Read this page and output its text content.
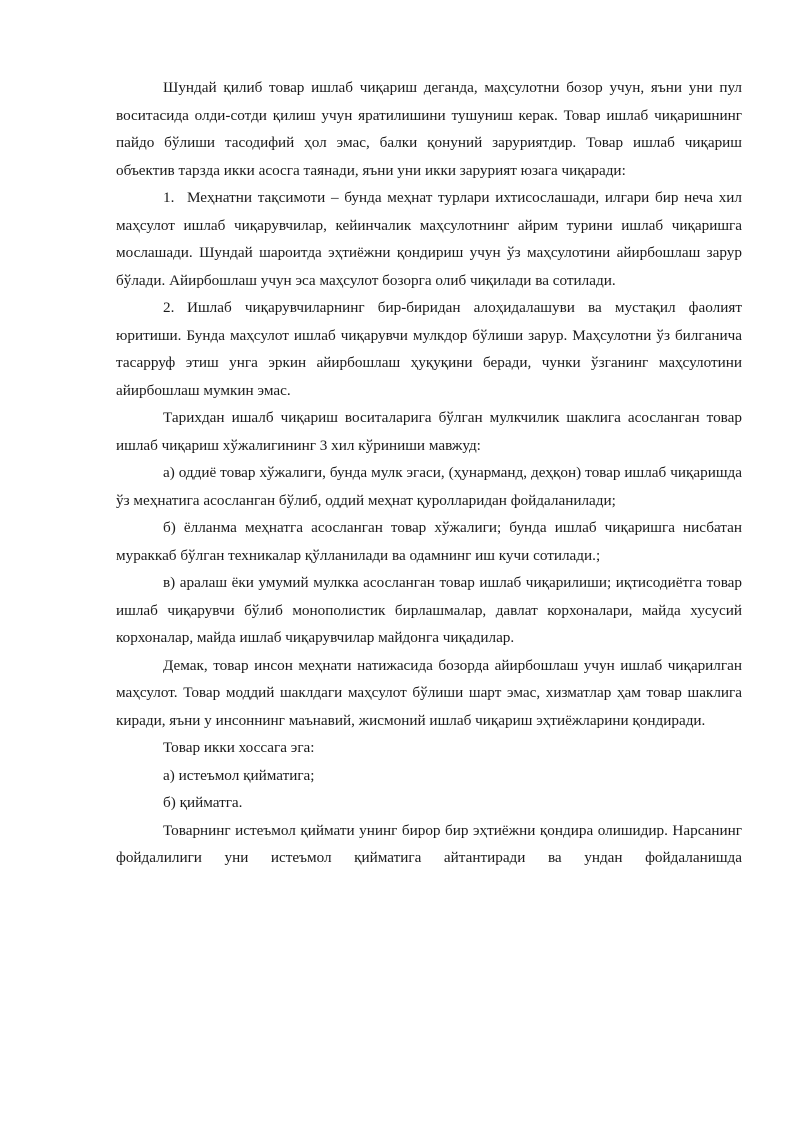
Шундай қилиб товар ишлаб чиқариш деганда, маҳсулотни бозор учун, яъни уни пул воситасида олди-сотди қилиш учун яратилишини тушуниш керак. Товар ишлаб чиқаришнинг пайдо бўлиши тасодифий ҳол эмас, балки қонуний заруриятдир. Товар ишлаб чиқариш объектив тарзда икки асосга таянади, яъни уни икки зарурият юзага чиқаради:

1. Меҳнатни тақсимоти – бунда меҳнат турлари ихтисослашади, илгари бир неча хил маҳсулот ишлаб чиқарувчилар, кейинчалик маҳсулотнинг айрим турини ишлаб чиқаришга мослашади. Шундай шароитда эҳтиёжни қондириш учун ўз маҳсулотини айирбошлаш зарур бўлади. Айирбошлаш учун эса маҳсулот бозорга олиб чиқилади ва сотилади.

2. Ишлаб чиқарувчиларнинг бир-биридан алоҳидалашуви ва мустақил фаолият юритиши. Бунда маҳсулот ишлаб чиқарувчи мулкдор бўлиши зарур. Маҳсулотни ўз билганича тасарруф этиш унга эркин айирбошлаш ҳуқуқини беради, чунки ўзганинг маҳсулотини айирбошлаш мумкин эмас.

Тарихдан ишалб чиқариш воситаларига бўлган мулкчилик шаклига асосланган товар ишлаб чиқариш хўжалигининг 3 хил кўриниши мавжуд:

а) оддиё товар хўжалиги, бунда мулк эгаси, (ҳунарманд, деҳқон) товар ишлаб чиқаришда ўз меҳнатига асосланган бўлиб, оддий меҳнат қуролларидан фойдаланилади;

б) ёлланма меҳнатга асосланган товар хўжалиги; бунда ишлаб чиқаришга нисбатан мураккаб бўлган техникалар қўлланилади ва одамнинг иш кучи сотилади.;

в) аралаш ёки умумий мулкка асосланган товар ишлаб чиқарилиши; иқтисодиётга товар ишлаб чиқарувчи бўлиб монополистик бирлашмалар, давлат корхоналари, майда хусусий корхоналар, майда ишлаб чиқарувчилар майдонга чиқадилар.

Демак, товар инсон меҳнати натижасида бозорда айирбошлаш учун ишлаб чиқарилган маҳсулот. Товар моддий шаклдаги маҳсулот бўлиши шарт эмас, хизматлар ҳам товар шаклига киради, яъни у инсоннинг маънавий, жисмоний ишлаб чиқариш эҳтиёжларини қондиради.

Товар икки хоссага эга:

а) истеъмол қийматига;

б) қийматга.

Товарнинг истеъмол қиймати унинг бирор бир эҳтиёжни қондира олишидир. Нарсанинг фойдалилиги уни истеъмол қийматига айтантиради ва ундан фойдаланишда
